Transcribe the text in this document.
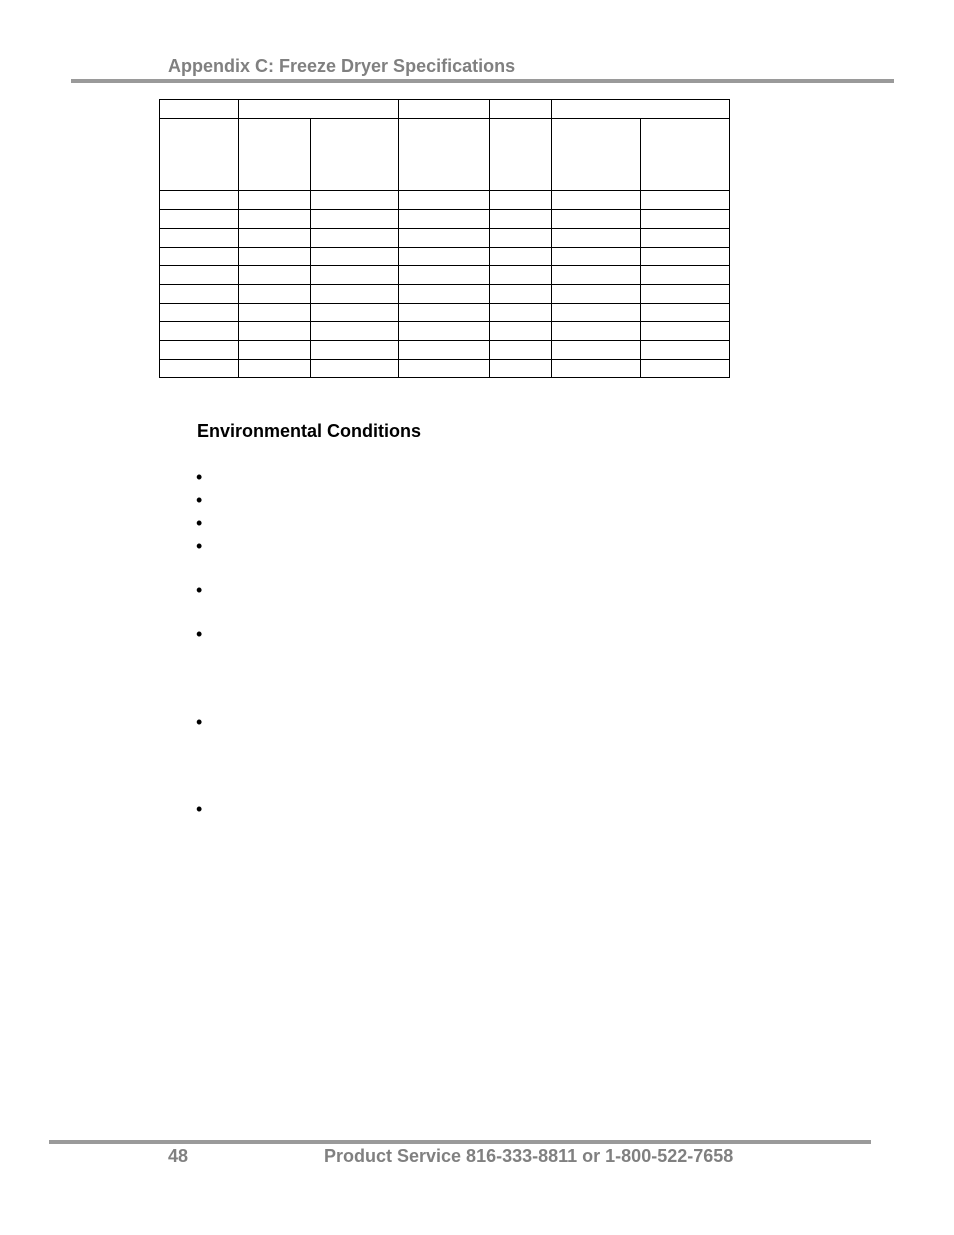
Appendix C: Freeze Dryer Specifications

Environmental Conditions
•
•
•
•
•
•
•
•
48	Product Service 816-333-8811 or 1-800-522-7658
